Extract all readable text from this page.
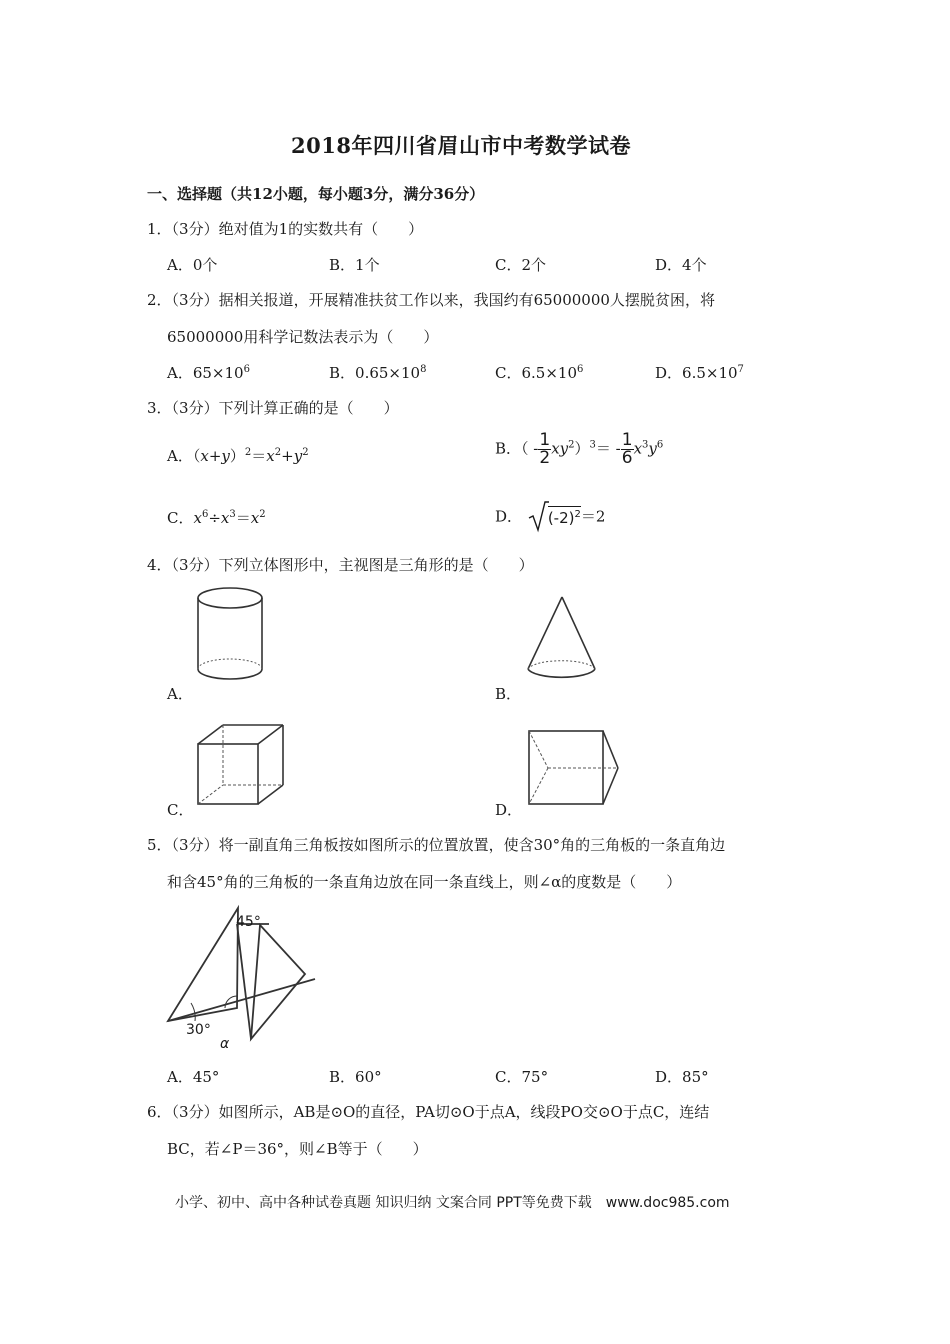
2018年四川省眉山市中考数学试卷
一、选择题（共12小题，每小题3分，满分36分）
1．（3分）绝对值为1的实数共有（　　）
A．0个	B．1个	C．2个	D．4个
2．（3分）据相关报道，开展精准扶贫工作以来，我国约有65000000人摆脱贫困，将
65000000用科学记数法表示为（　　）
A．$65\times 10^6$	B．$0.65\times 10^8$	C．$6.5\times 10^6$	D．$6.5\times 10^7$
3．（3分）下列计算正确的是（　　）
A．$(x+y)^2=x^2+y^2$	B．（ - $\frac{1}{2} xy^2)^3= - \frac{1}{6} x^3y^6$
C．$x^6\div x^3=x^2$	D． $(-2)^2=2$
4．（3分）下列立体图形中，主视图是三角形的是（　　）
A．	B．
C．	D．
5．（3分）将一副直角三角板按如图所示的位置放置，使含30°角的三角板的一条直角边
和含45°角的三角板的一条直角边放在同一条直线上，则∠α的度数是（　　）
45°
30°
α
A．45°	B．60°	C．75°	D．85°
6．（3分）如图所示，AB是⊙O的直径，PA切⊙O于点A，线段PO交⊙O于点C，连结
BC，若∠P＝36°，则∠B等于（　　）
小学、初中、高中各种试卷真题 知识归纳 文案合同 PPT等免费下载　www.doc985.com
